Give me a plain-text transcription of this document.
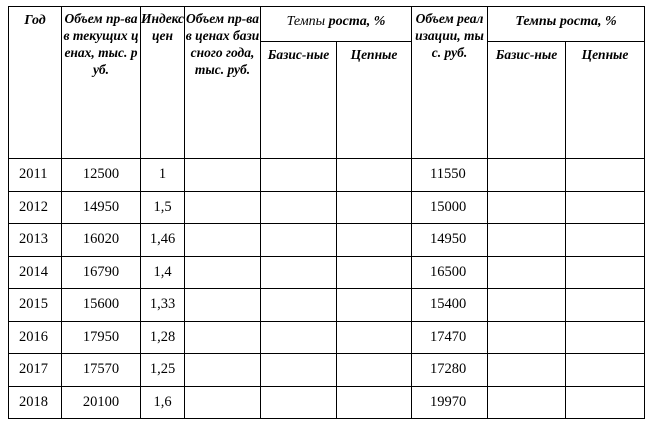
Год	Объем пр-ва в текущих ценах, тыс. руб.	Индекс цен	Объем пр-ва в ценах базисного года, тыс. руб.	Темпы роста, %		Объем реализации, тыс. руб.	Темпы роста, %	
				Базис-ные	Цепные		Базис-ные	Цепные
2011	12500	1				11550		
2012	14950	1,5				15000		
2013	16020	1,46				14950		
2014	16790	1,4				16500		
2015	15600	1,33				15400		
2016	17950	1,28				17470		
2017	17570	1,25				17280		
2018	20100	1,6				19970		
